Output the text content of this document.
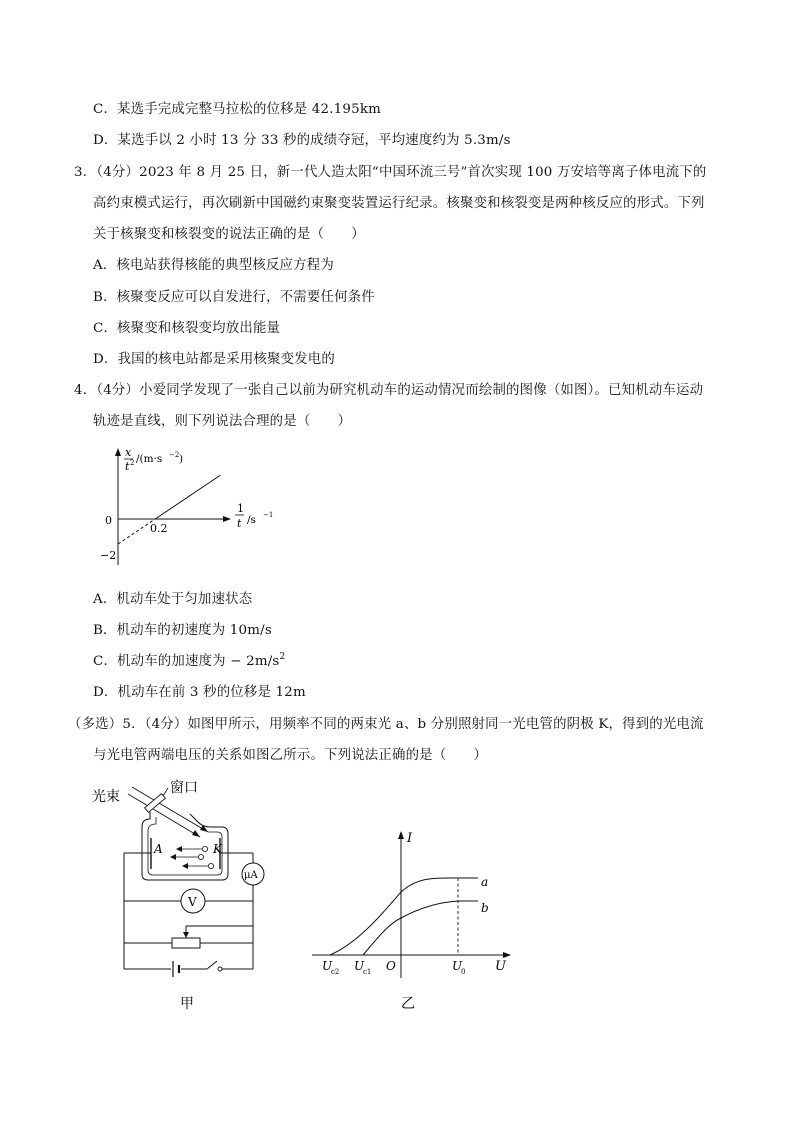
C．某选手完成完整马拉松的位移是 42.195km
D．某选手以 2 小时 13 分 33 秒的成绩夺冠，平均速度约为 5.3m/s
3．（4分）2023 年 8 月 25 日，新一代人造太阳“中国环流三号”首次实现 100 万安培等离子体电流下的
高约束模式运行，再次刷新中国磁约束聚变装置运行纪录。核聚变和核裂变是两种核反应的形式。下列
关于核聚变和核裂变的说法正确的是（　　）
A．核电站获得核能的典型核反应方程为
B．核聚变反应可以自发进行，不需要任何条件
C．核聚变和核裂变均放出能量
D．我国的核电站都是采用核聚变发电的
4．（4分）小爱同学发现了一张自己以前为研究机动车的运动情况而绘制的图像（如图）。已知机动车运动
轨迹是直线，则下列说法合理的是（　　）
x
t 2 /(m·s −2 )
1
t /s −1
0
0.2
−2
A．机动车处于匀加速状态
B．机动车的初速度为 10m/s
C．机动车的加速度为 − $2m/s^2$
D．机动车在前 3 秒的位移是 12m
（多选）5．（4分）如图甲所示，用频率不同的两束光 a、b 分别照射同一光电管的阴极 K，得到的光电流
与光电管两端电压的关系如图乙所示。下列说法正确的是（　　）
光束
窗口
A	K
μA
V
甲
I
U
a
b
U
c2 U
c1 O	U
0
乙
